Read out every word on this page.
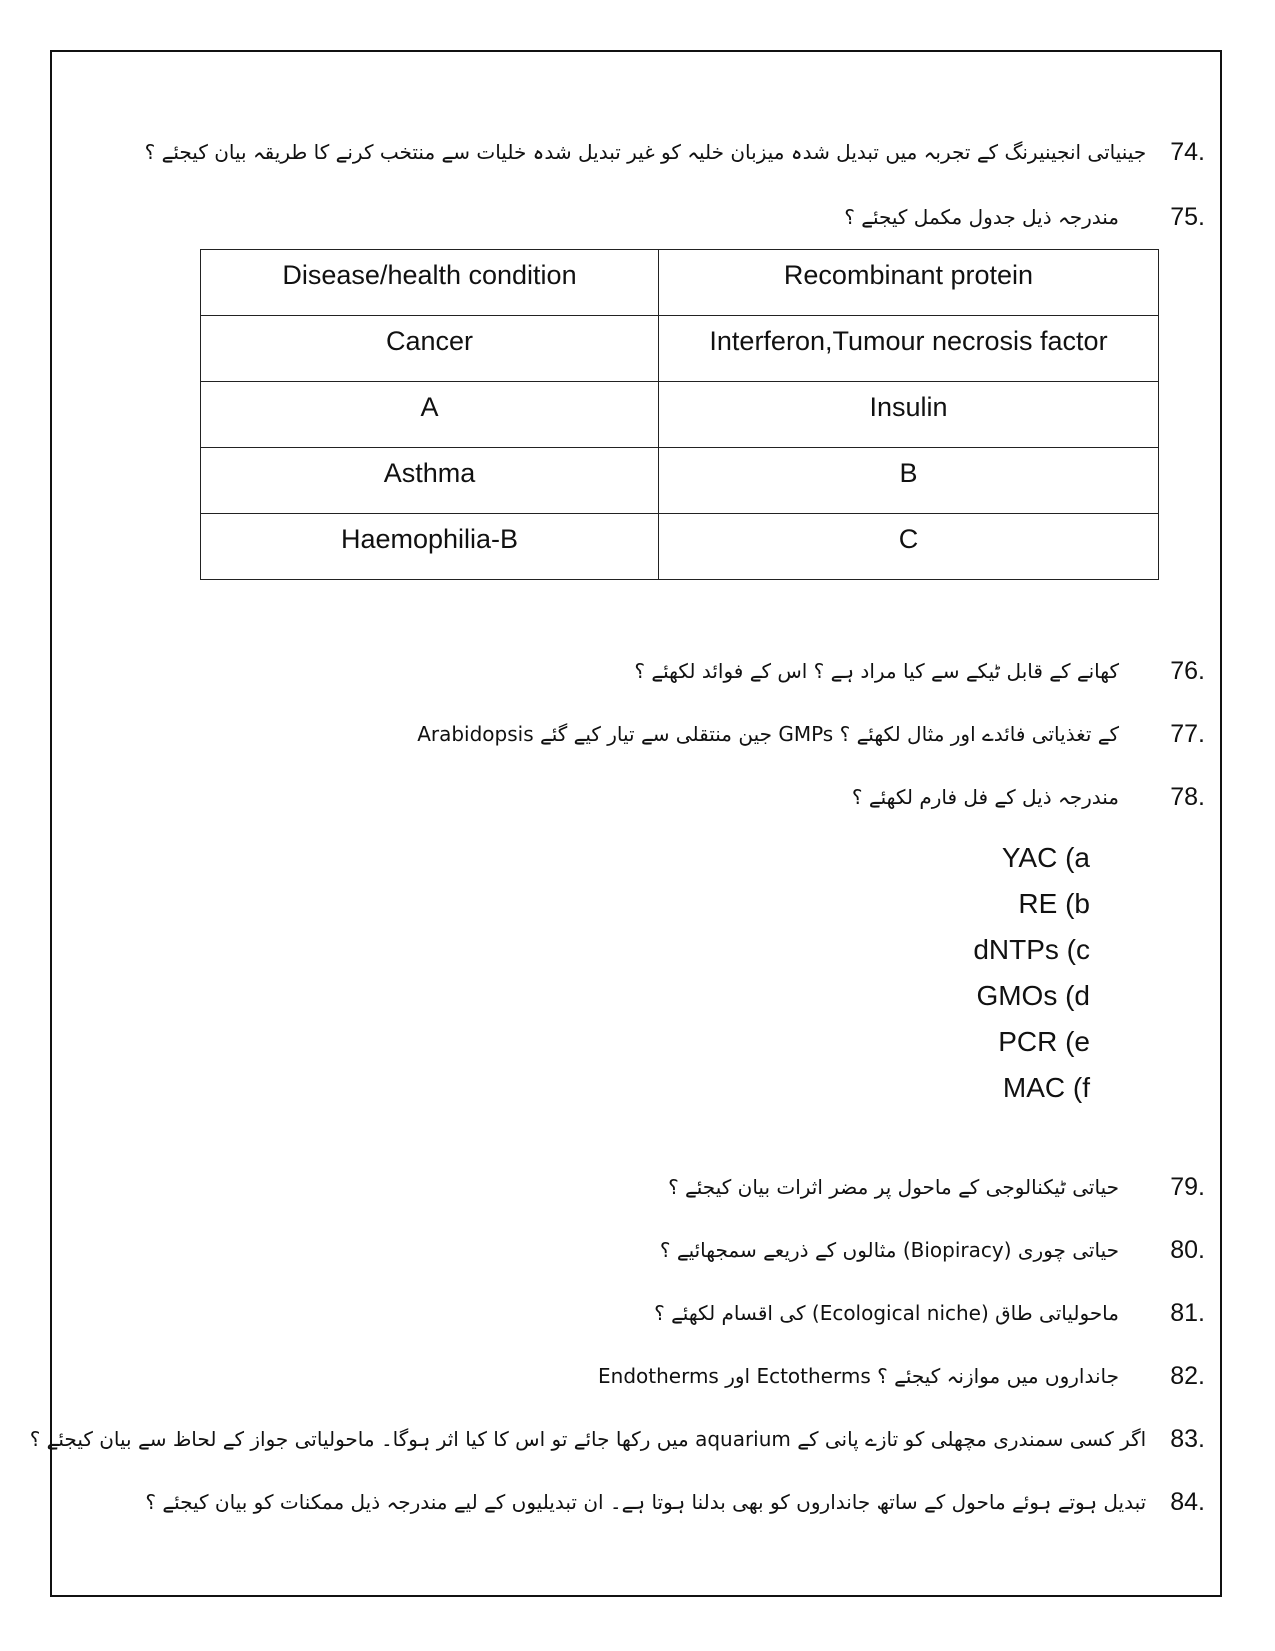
جینیاتی انجینیرنگ کے تجربہ میں تبدیل شدہ میزبان خلیہ کو غیر تبدیل شدہ خلیات سے منتخب کرنے کا طریقہ بیان کیجئے ؟ 74.
مندرجہ ذیل جدول مکمل کیجئے ؟	75.
Disease/health condition	Recombinant protein

Cancer	Interferon,Tumour necrosis factor

A	Insulin

Asthma	B

Haemophilia-B	C
کھانے کے قابل ٹیکے سے کیا مراد ہے ؟ اس کے فوائد لکھئے ؟	76.
Arabidopsis جین منتقلی سے تیار کیے گئے GMPs کے تغذیاتی فائدے اور مثال لکھئے ؟	77.
مندرجہ ذیل کے فل فارم لکھئے ؟	78.
YAC (a
RE (b
dNTPs (c
GMOs (d
PCR (e
MAC (f
حیاتی ٹیکنالوجی کے ماحول پر مضر اثرات بیان کیجئے ؟	79.
حیاتی چوری (Biopiracy) مثالوں کے ذریعے سمجھائیے ؟	80.
ماحولیاتی طاق (Ecological niche) کی اقسام لکھئے ؟	81.
Endotherms اور Ectotherms جانداروں میں موازنہ کیجئے ؟	82.
اگر کسی سمندری مچھلی کو تازے پانی کے aquarium میں رکھا جائے تو اس کا کیا اثر ہوگا۔ ماحولیاتی جواز کے لحاظ سے بیان کیجئے ؟ 83.
تبدیل ہوتے ہوئے ماحول کے ساتھ جانداروں کو بھی بدلنا ہوتا ہے۔ ان تبدیلیوں کے لیے مندرجہ ذیل ممکنات کو بیان کیجئے ؟ 84.
